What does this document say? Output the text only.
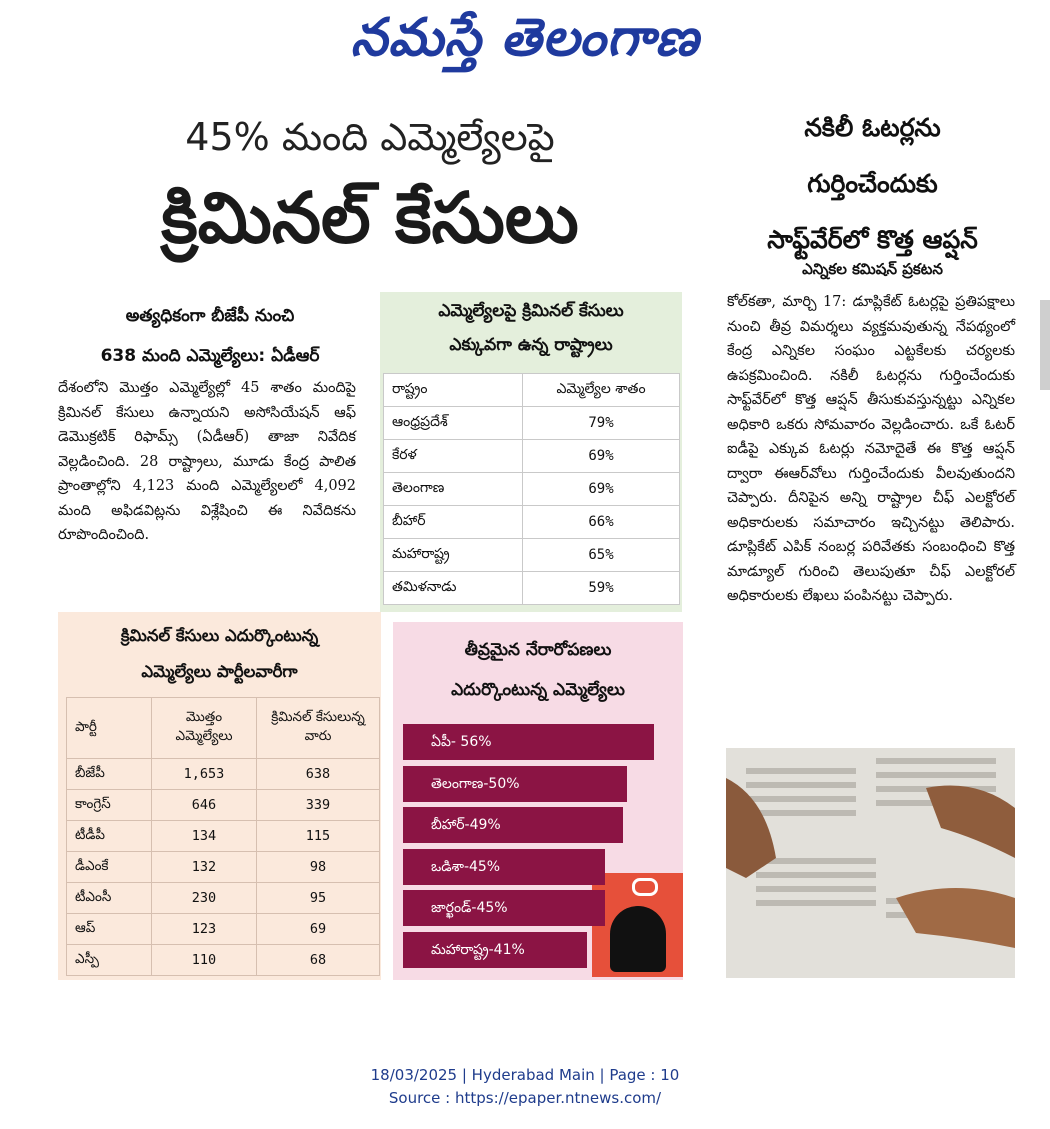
నమస్తే తెలంగాణ
45% మంది ఎమ్మెల్యేలపై
క్రిమినల్ కేసులు
అత్యధికంగా బీజేపీ నుంచి
638 మంది ఎమ్మెల్యేలు: ఏడీఆర్
దేశంలోని మొత్తం ఎమ్మెల్యేల్లో 45 శాతం మందిపై క్రిమినల్ కేసులు ఉన్నాయని అసోసియేషన్ ఆఫ్ డెమొక్రటిక్ రిఫామ్స్ (ఏడీఆర్) తాజా నివేదిక వెల్లడించింది. 28 రాష్ట్రాలు, మూడు కేంద్ర పాలిత ప్రాంతాల్లోని 4,123 మంది ఎమ్మెల్యేలలో 4,092 మంది అఫిడవిట్లను విశ్లేషించి ఈ నివేదికను రూపొందించింది.
ఎమ్మెల్యేలపై క్రిమినల్ కేసులు
ఎక్కువగా ఉన్న రాష్ట్రాలు
రాష్ట్రం	ఎమ్మెల్యేల శాతం
ఆంధ్రప్రదేశ్	79%
కేరళ	69%
తెలంగాణ	69%
బీహార్	66%
మహారాష్ట్ర	65%
తమిళనాడు	59%
క్రిమినల్ కేసులు ఎదుర్కొంటున్న
ఎమ్మెల్యేలు పార్టీలవారీగా
పార్టీ	మొత్తం ఎమ్మెల్యేలు	క్రిమినల్ కేసులున్న వారు
బీజేపీ	1,653	638
కాంగ్రెస్	646	339
టీడీపీ	134	115
డీఎంకే	132	98
టీఎంసీ	230	95
ఆప్	123	69
ఎస్పీ	110	68
తీవ్రమైన నేరారోపణలు
ఎదుర్కొంటున్న ఎమ్మెల్యేలు
ఏపీ- 56%
తెలంగాణ-50%
బీహార్-49%
ఒడిశా-45%
జార్ఖండ్-45%
మహారాష్ట్ర-41%
నకిలీ ఓటర్లను
గుర్తించేందుకు
సాఫ్ట్‌వేర్‌లో కొత్త ఆప్షన్
ఎన్నికల కమిషన్ ప్రకటన
కోల్‌కతా, మార్చి 17: డూప్లికేట్ ఓటర్లపై ప్రతిపక్షాలు నుంచి తీవ్ర విమర్శలు వ్యక్తమవుతున్న నేపథ్యంలో కేంద్ర ఎన్నికల సంఘం ఎట్టకేలకు చర్యలకు ఉపక్రమించింది. నకిలీ ఓటర్లను గుర్తించేందుకు సాఫ్ట్‌వేర్‌లో కొత్త ఆప్షన్ తీసుకువస్తున్నట్టు ఎన్నికల అధికారి ఒకరు సోమవారం వెల్లడించారు. ఒకే ఓటర్ ఐడీపై ఎక్కువ ఓటర్లు నమోదైతే ఈ కొత్త ఆప్షన్ ద్వారా ఈఆర్‌వోలు గుర్తించేందుకు వీలవుతుందని చెప్పారు. దీనిపైన అన్ని రాష్ట్రాల చీఫ్ ఎలక్టోరల్ అధికారులకు సమాచారం ఇచ్చినట్టు తెలిపారు. డూప్లికేట్ ఎపిక్ నంబర్ల పరివేతకు సంబంధించి కొత్త మాడ్యూల్ గురించి తెలుపుతూ చీఫ్ ఎలక్టోరల్ అధికారులకు లేఖలు పంపినట్టు చెప్పారు.
18/03/2025 | Hyderabad Main | Page : 10
Source : https://epaper.ntnews.com/
